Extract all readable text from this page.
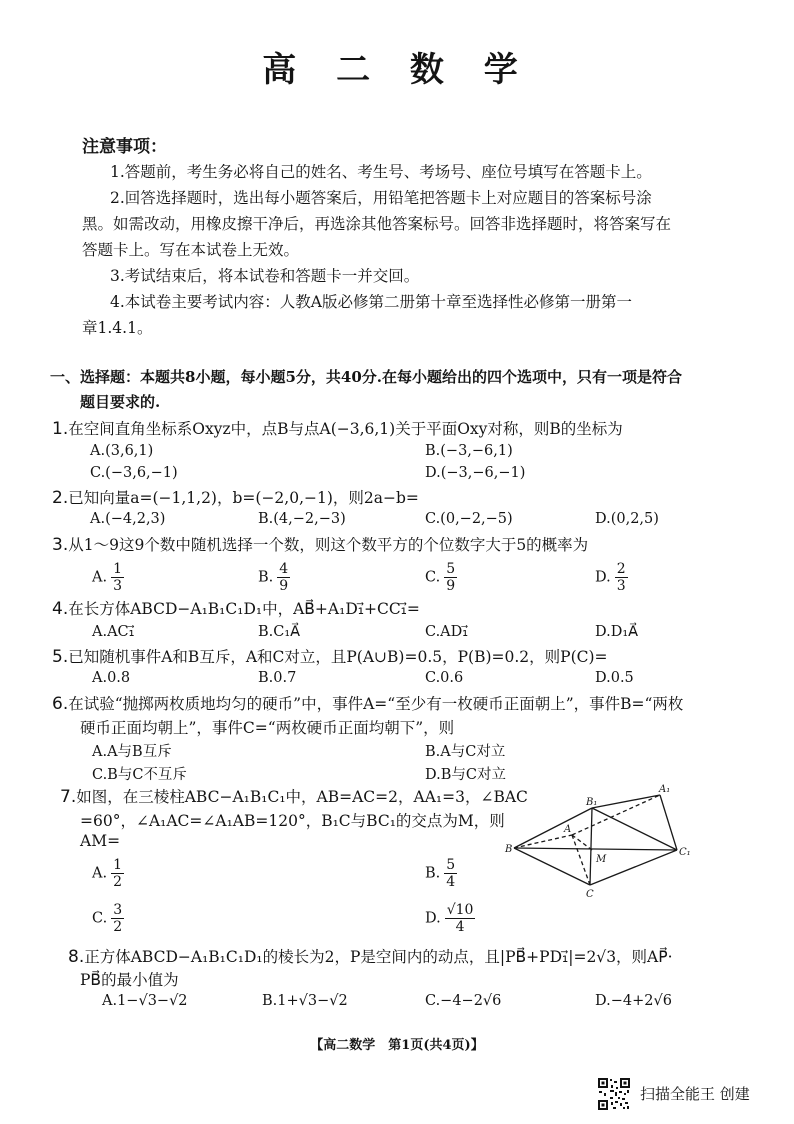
高 二 数 学
注意事项：
1.答题前，考生务必将自己的姓名、考生号、考场号、座位号填写在答题卡上。
2.回答选择题时，选出每小题答案后，用铅笔把答题卡上对应题目的答案标号涂
黑。如需改动，用橡皮擦干净后，再选涂其他答案标号。回答非选择题时，将答案写在
答题卡上。写在本试卷上无效。
3.考试结束后，将本试卷和答题卡一并交回。
4.本试卷主要考试内容：人教A版必修第二册第十章至选择性必修第一册第一
章1.4.1。
一、选择题：本题共8小题，每小题5分，共40分.在每小题给出的四个选项中，只有一项是符合
题目要求的.
1.在空间直角坐标系Oxyz中，点B与点A(−3,6,1)关于平面Oxy对称，则B的坐标为
A.(3,6,1)	B.(−3,−6,1)
C.(−3,6,−1)	D.(−3,−6,−1)
2.已知向量a=(−1,1,2)，b=(−2,0,−1)，则2a−b=
A.(−4,2,3)	B.(4,−2,−3)	C.(0,−2,−5)	D.(0,2,5)
3.从1～9这9个数中随机选择一个数，则这个数平方的个位数字大于5的概率为
A. $\frac{1}{3}$	B. $\frac{4}{9}$	C. $\frac{5}{9}$	D. $\frac{2}{3}$
4.在长方体ABCD−A₁B₁C₁D₁中，AB⃗+A₁D₁⃗+CC₁⃗=
A.AC₁⃗	B.C₁A⃗	C.AD₁⃗	D.D₁A⃗
5.已知随机事件A和B互斥，A和C对立，且P(A∪B)=0.5，P(B)=0.2，则P(C)=
A.0.8	B.0.7	C.0.6	D.0.5
6.在试验“抛掷两枚质地均匀的硬币”中，事件A=“至少有一枚硬币正面朝上”，事件B=“两枚
硬币正面均朝上”，事件C=“两枚硬币正面均朝下”，则
A.A与B互斥	B.A与C对立
C.B与C不互斥	D.B与C对立
7.如图，在三棱柱ABC−A₁B₁C₁中，AB=AC=2，AA₁=3，∠BAC
=60°，∠A₁AC=∠A₁AB=120°，B₁C与BC₁的交点为M，则
AM=
B₁
A₁
A
B
M
C₁
C
A. $\frac{1}{2}$	B. $\frac{5}{4}$
C. $\frac{3}{2}$	D. $\frac{√10}{4}$
8.正方体ABCD−A₁B₁C₁D₁的棱长为2，P是空间内的动点，且|PB⃗+PD₁⃗|=2√3，则AP⃗·
PB⃗的最小值为
A.1−√3−√2	B.1+√3−√2	C.−4−2√6	D.−4+2√6
【高二数学　第1页(共4页)】
扫描全能王 创建
